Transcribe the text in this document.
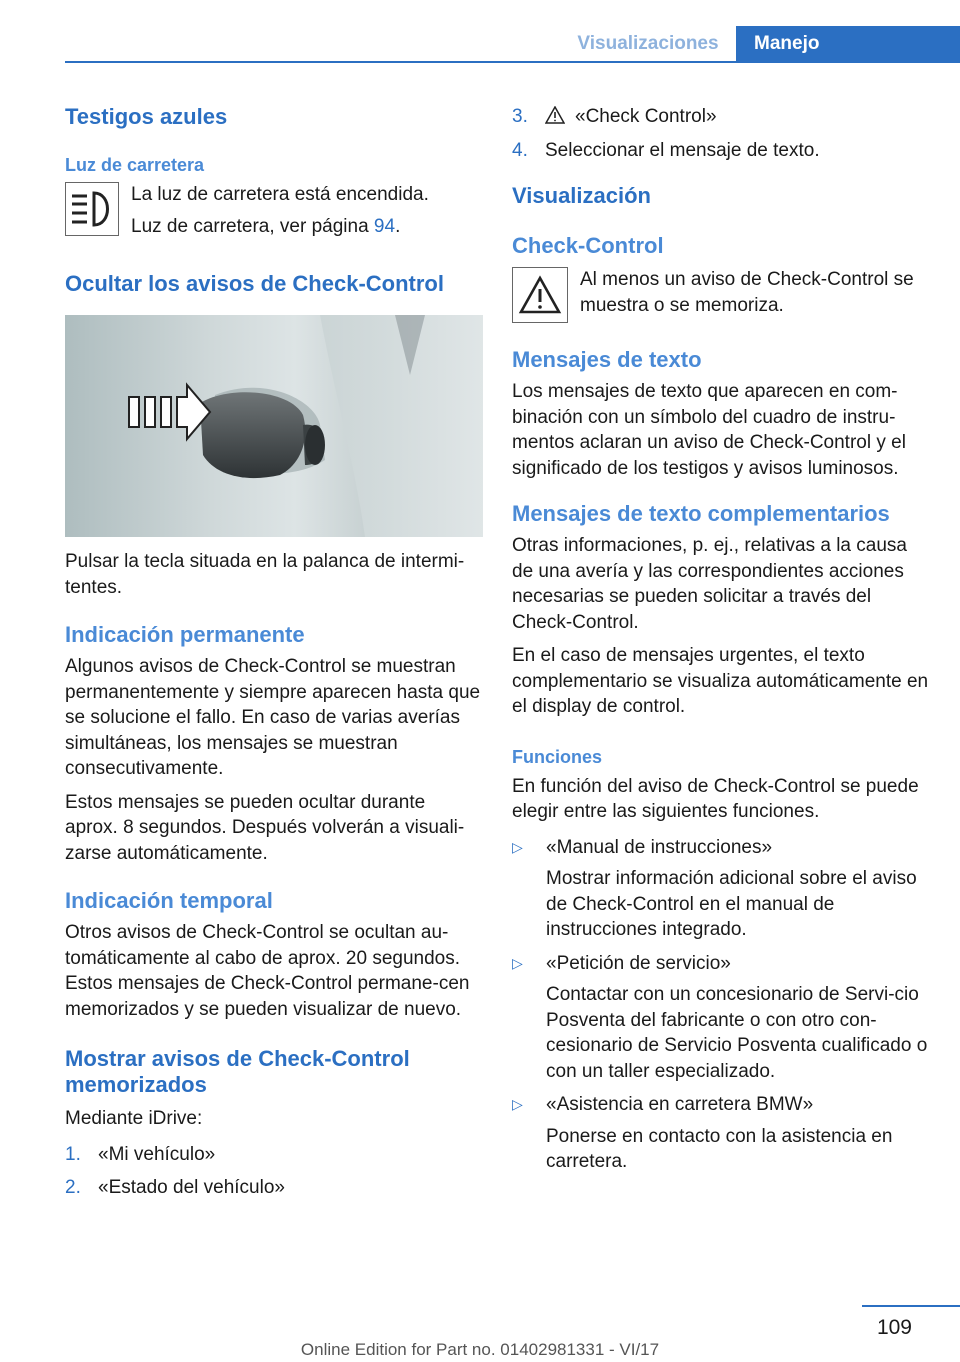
Visualizaciones	Manejo
Testigos azules
Luz de carretera

La luz de carretera está encendida.

Luz de carretera, ver página 94.

Ocultar los avisos de Check-Control

Pulsar la tecla situada en la palanca de intermi-tentes.

Indicación permanente

Algunos avisos de Check-Control se muestran permanentemente y siempre aparecen hasta que se solucione el fallo. En caso de varias averías simultáneas, los mensajes se muestran consecutivamente.

Estos mensajes se pueden ocultar durante aprox. 8 segundos. Después volverán a visuali-zarse automáticamente.

Indicación temporal

Otros avisos de Check-Control se ocultan au-tomáticamente al cabo de aprox. 20 segundos. Estos mensajes de Check-Control permane-cen memorizados y se pueden visualizar de nuevo.

Mostrar avisos de Check-Control memorizados

Mediante iDrive:

1. «Mi vehículo»
2. «Estado del vehículo»
3.	«Check Control»
4. Seleccionar el mensaje de texto.
Visualización
Check-Control

Al menos un aviso de Check-Control se muestra o se memoriza.

Mensajes de texto

Los mensajes de texto que aparecen en com-binación con un símbolo del cuadro de instru-mentos aclaran un aviso de Check-Control y el significado de los testigos y avisos luminosos.

Mensajes de texto complementarios

Otras informaciones, p. ej., relativas a la causa de una avería y las correspondientes acciones necesarias se pueden solicitar a través del Check-Control.

En el caso de mensajes urgentes, el texto complementario se visualiza automáticamente en el display de control.

Funciones

En función del aviso de Check-Control se puede elegir entre las siguientes funciones.

▷	«Manual de instrucciones»

Mostrar información adicional sobre el aviso de Check-Control en el manual de instrucciones integrado.

▷	«Petición de servicio»

Contactar con un concesionario de Servi-cio Posventa del fabricante o con otro con-cesionario de Servicio Posventa cualificado o con un taller especializado.

▷	«Asistencia en carretera BMW»

Ponerse en contacto con la asistencia en carretera.

109
Online Edition for Part no. 01402981331 - VI/17
